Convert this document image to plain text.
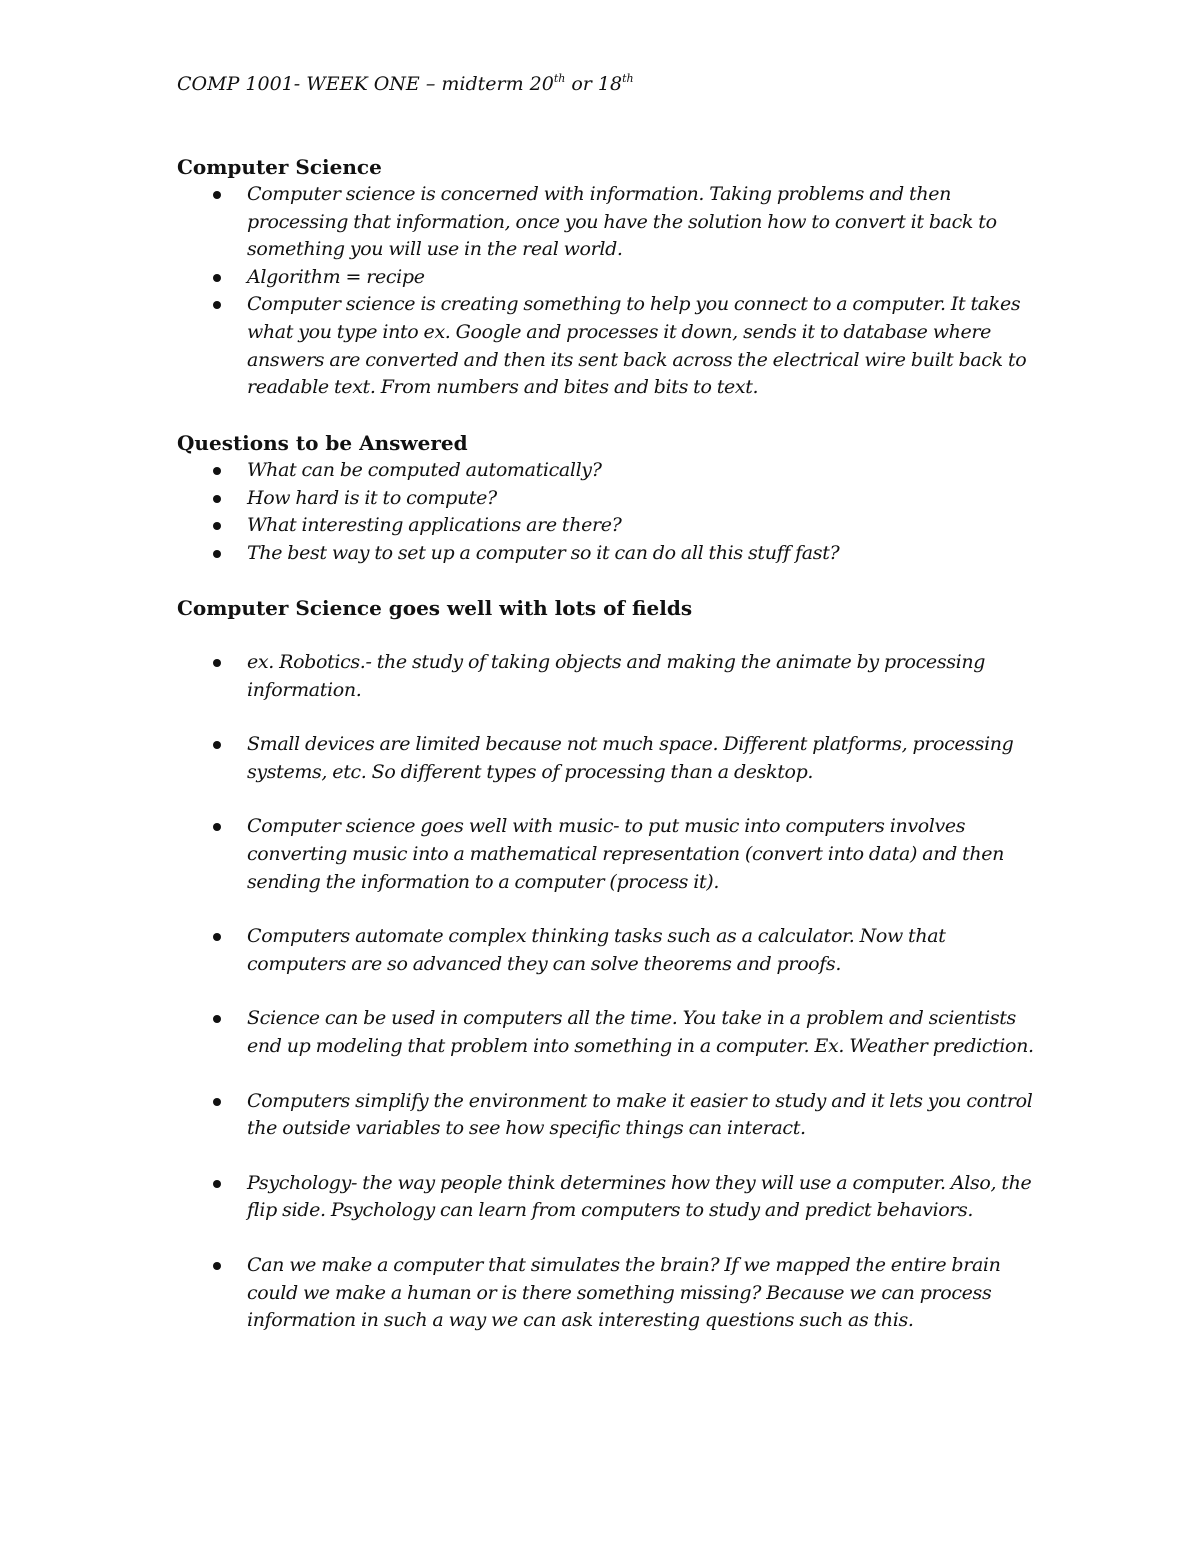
COMP 1001- WEEK ONE – midterm 20th or 18th
Computer Science
Computer science is concerned with information. Taking problems and then processing that information, once you have the solution how to convert it back to something you will use in the real world.
Algorithm = recipe
Computer science is creating something to help you connect to a computer. It takes what you type into ex. Google and processes it down, sends it to database where answers are converted and then its sent back across the electrical wire built back to readable text. From numbers and bites and bits to text.
Questions to be Answered
What can be computed automatically?
How hard is it to compute?
What interesting applications are there?
The best way to set up a computer so it can do all this stuff fast?
Computer Science goes well with lots of fields
ex. Robotics.- the study of taking objects and making the animate by processing information.
Small devices are limited because not much space. Different platforms, processing systems, etc. So different types of processing than a desktop.
Computer science goes well with music- to put music into computers involves converting music into a mathematical representation (convert into data) and then sending the information to a computer (process it).
Computers automate complex thinking tasks such as a calculator. Now that computers are so advanced they can solve theorems and proofs.
Science can be used in computers all the time. You take in a problem and scientists end up modeling that problem into something in a computer. Ex. Weather prediction.
Computers simplify the environment to make it easier to study and it lets you control the outside variables to see how specific things can interact.
Psychology- the way people think determines how they will use a computer. Also, the flip side. Psychology can learn from computers to study and predict behaviors.
Can we make a computer that simulates the brain? If we mapped the entire brain could we make a human or is there something missing? Because we can process information in such a way we can ask interesting questions such as this.
